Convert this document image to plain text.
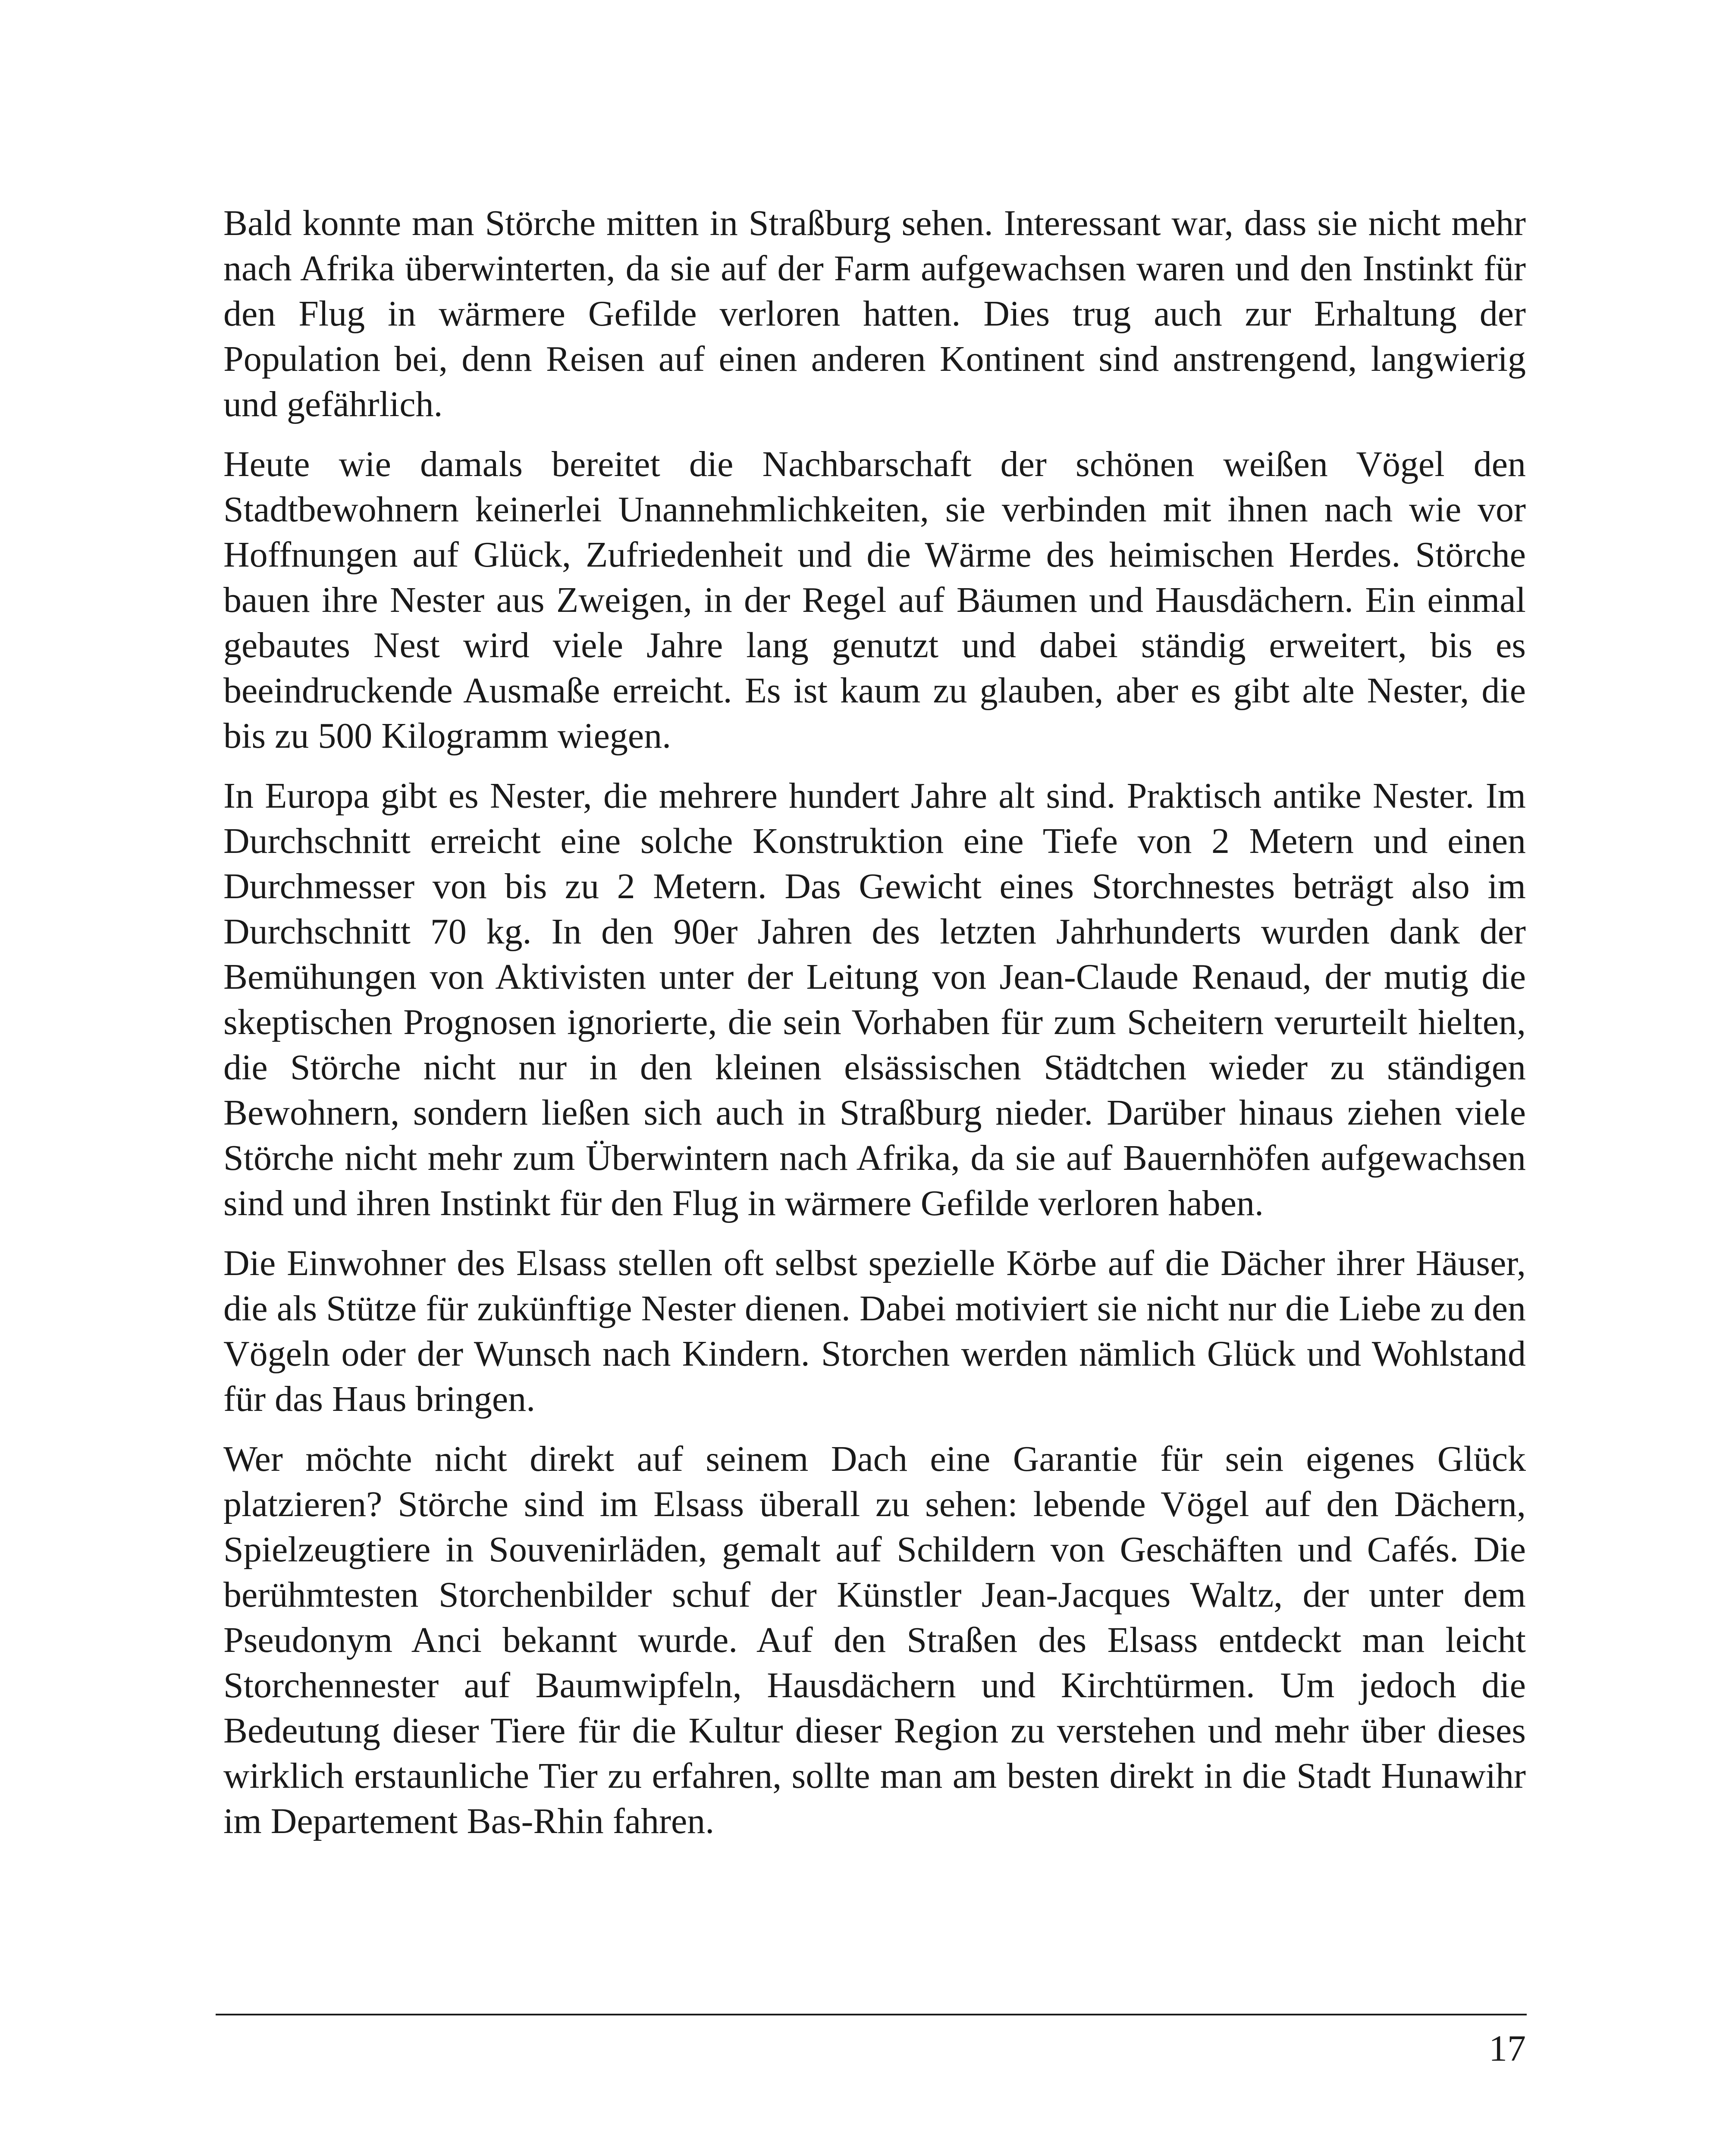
Bald konnte man Störche mitten in Straßburg sehen. Interessant war, dass sie nicht mehr nach Afrika überwinterten, da sie auf der Farm aufgewachsen waren und den Instinkt für den Flug in wärmere Gefilde verloren hatten. Dies trug auch zur Erhaltung der Population bei, denn Reisen auf einen anderen Kontinent sind anstrengend, langwierig und gefährlich.

Heute wie damals bereitet die Nachbarschaft der schönen weißen Vögel den Stadtbewohnern keinerlei Unannehmlichkeiten, sie verbinden mit ihnen nach wie vor Hoffnungen auf Glück, Zufriedenheit und die Wärme des heimischen Herdes. Störche bauen ihre Nester aus Zweigen, in der Regel auf Bäumen und Hausdächern. Ein einmal gebautes Nest wird viele Jahre lang genutzt und dabei ständig erweitert, bis es beeindruckende Ausmaße erreicht. Es ist kaum zu glauben, aber es gibt alte Nester, die bis zu 500 Kilogramm wiegen.

In Europa gibt es Nester, die mehrere hundert Jahre alt sind. Praktisch antike Nester. Im Durchschnitt erreicht eine solche Konstruktion eine Tiefe von 2 Metern und einen Durchmesser von bis zu 2 Metern. Das Gewicht eines Storchnestes beträgt also im Durchschnitt 70 kg. In den 90er Jahren des letzten Jahrhunderts wurden dank der Bemühungen von Aktivisten unter der Leitung von Jean-Claude Renaud, der mutig die skeptischen Prognosen ignorierte, die sein Vorhaben für zum Scheitern verurteilt hielten, die Störche nicht nur in den kleinen elsässischen Städtchen wieder zu ständigen Bewohnern, sondern ließen sich auch in Straßburg nieder. Darüber hinaus ziehen viele Störche nicht mehr zum Überwintern nach Afrika, da sie auf Bauernhöfen aufgewachsen sind und ihren Instinkt für den Flug in wärmere Gefilde verloren haben.

Die Einwohner des Elsass stellen oft selbst spezielle Körbe auf die Dächer ihrer Häuser, die als Stütze für zukünftige Nester dienen. Dabei motiviert sie nicht nur die Liebe zu den Vögeln oder der Wunsch nach Kindern. Storchen werden nämlich Glück und Wohlstand für das Haus bringen.

Wer möchte nicht direkt auf seinem Dach eine Garantie für sein eigenes Glück platzieren? Störche sind im Elsass überall zu sehen: lebende Vögel auf den Dächern, Spielzeugtiere in Souvenirläden, gemalt auf Schildern von Geschäften und Cafés. Die berühmtesten Storchenbilder schuf der Künstler Jean-Jacques Waltz, der unter dem Pseudonym Anci bekannt wurde. Auf den Straßen des Elsass entdeckt man leicht Storchennester auf Baumwipfeln, Hausdächern und Kirchtürmen. Um jedoch die Bedeutung dieser Tiere für die Kultur dieser Region zu verstehen und mehr über dieses wirklich erstaunliche Tier zu erfahren, sollte man am besten direkt in die Stadt Hunawihr im Departement Bas-Rhin fahren.

17
